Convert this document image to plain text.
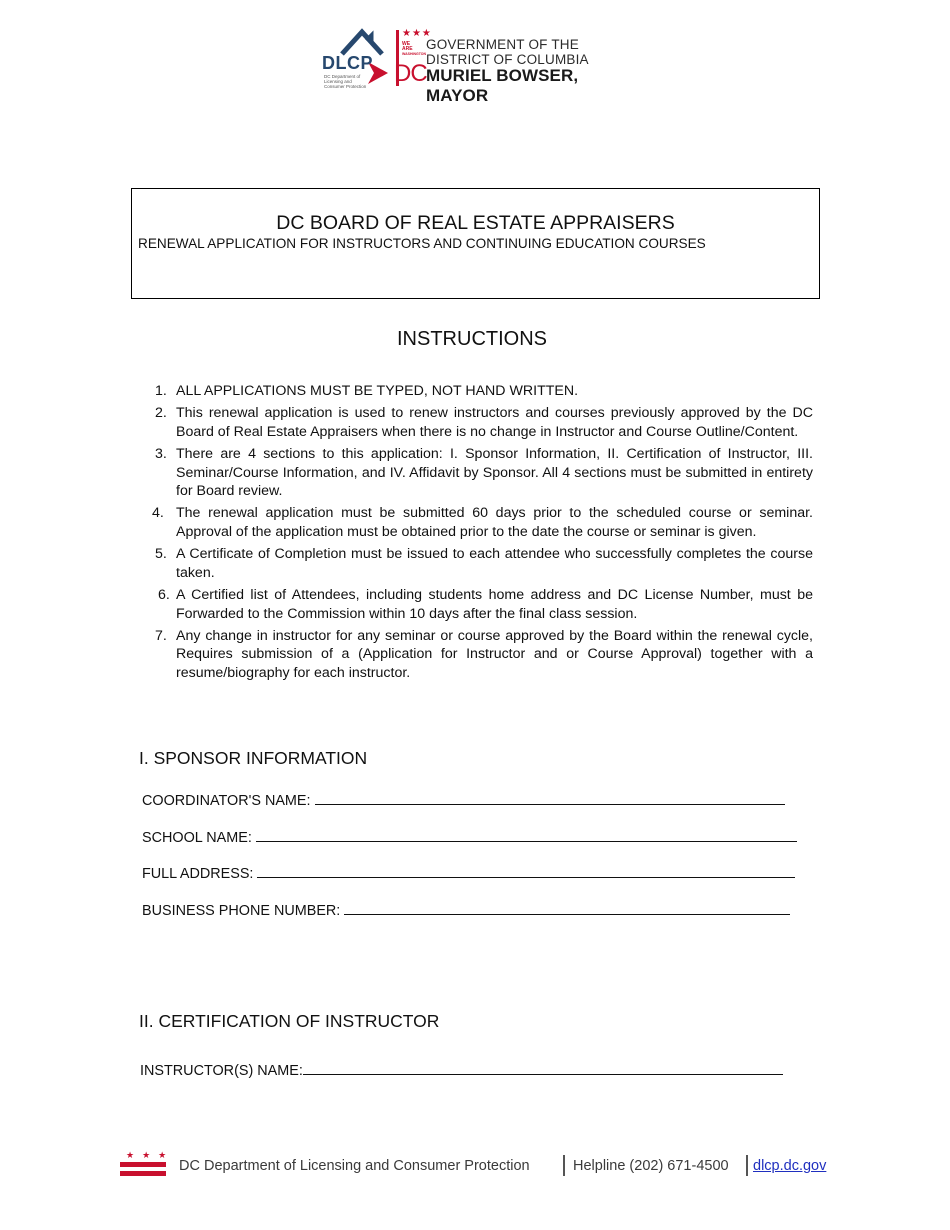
DLCP
DC Department of Licensing and Consumer Protection
★★★
WE ARE
WASHINGTON
DC
GOVERNMENT OF THE
DISTRICT OF COLUMBIA
MURIEL BOWSER, MAYOR
DC BOARD OF REAL ESTATE APPRAISERS
RENEWAL APPLICATION FOR INSTRUCTORS AND CONTINUING EDUCATION COURSES
INSTRUCTIONS
1. ALL APPLICATIONS MUST BE TYPED, NOT HAND WRITTEN.
2. This renewal application is used to renew instructors and courses previously approved by the DC Board of Real Estate Appraisers when there is no change in Instructor and Course Outline/Content.
3. There are 4 sections to this application: I. Sponsor Information, II. Certification of Instructor, III. Seminar/Course Information, and IV. Affidavit by Sponsor. All 4 sections must be submitted in entirety for Board review.
4. The renewal application must be submitted 60 days prior to the scheduled course or seminar. Approval of the application must be obtained prior to the date the course or seminar is given.
5. A Certificate of Completion must be issued to each attendee who successfully completes the course taken.
6. A Certified list of Attendees, including students home address and DC License Number, must be Forwarded to the Commission within 10 days after the final class session.
7. Any change in instructor for any seminar or course approved by the Board within the renewal cycle, Requires submission of a (Application for Instructor and or Course Approval) together with a resume/biography for each instructor.
I. SPONSOR INFORMATION
COORDINATOR'S NAME:
SCHOOL NAME:
FULL ADDRESS:
BUSINESS PHONE NUMBER:
II. CERTIFICATION OF INSTRUCTOR
INSTRUCTOR(S) NAME:
★★★
DC Department of Licensing and Consumer Protection	Helpline (202) 671-4500 dlcp.dc.gov
